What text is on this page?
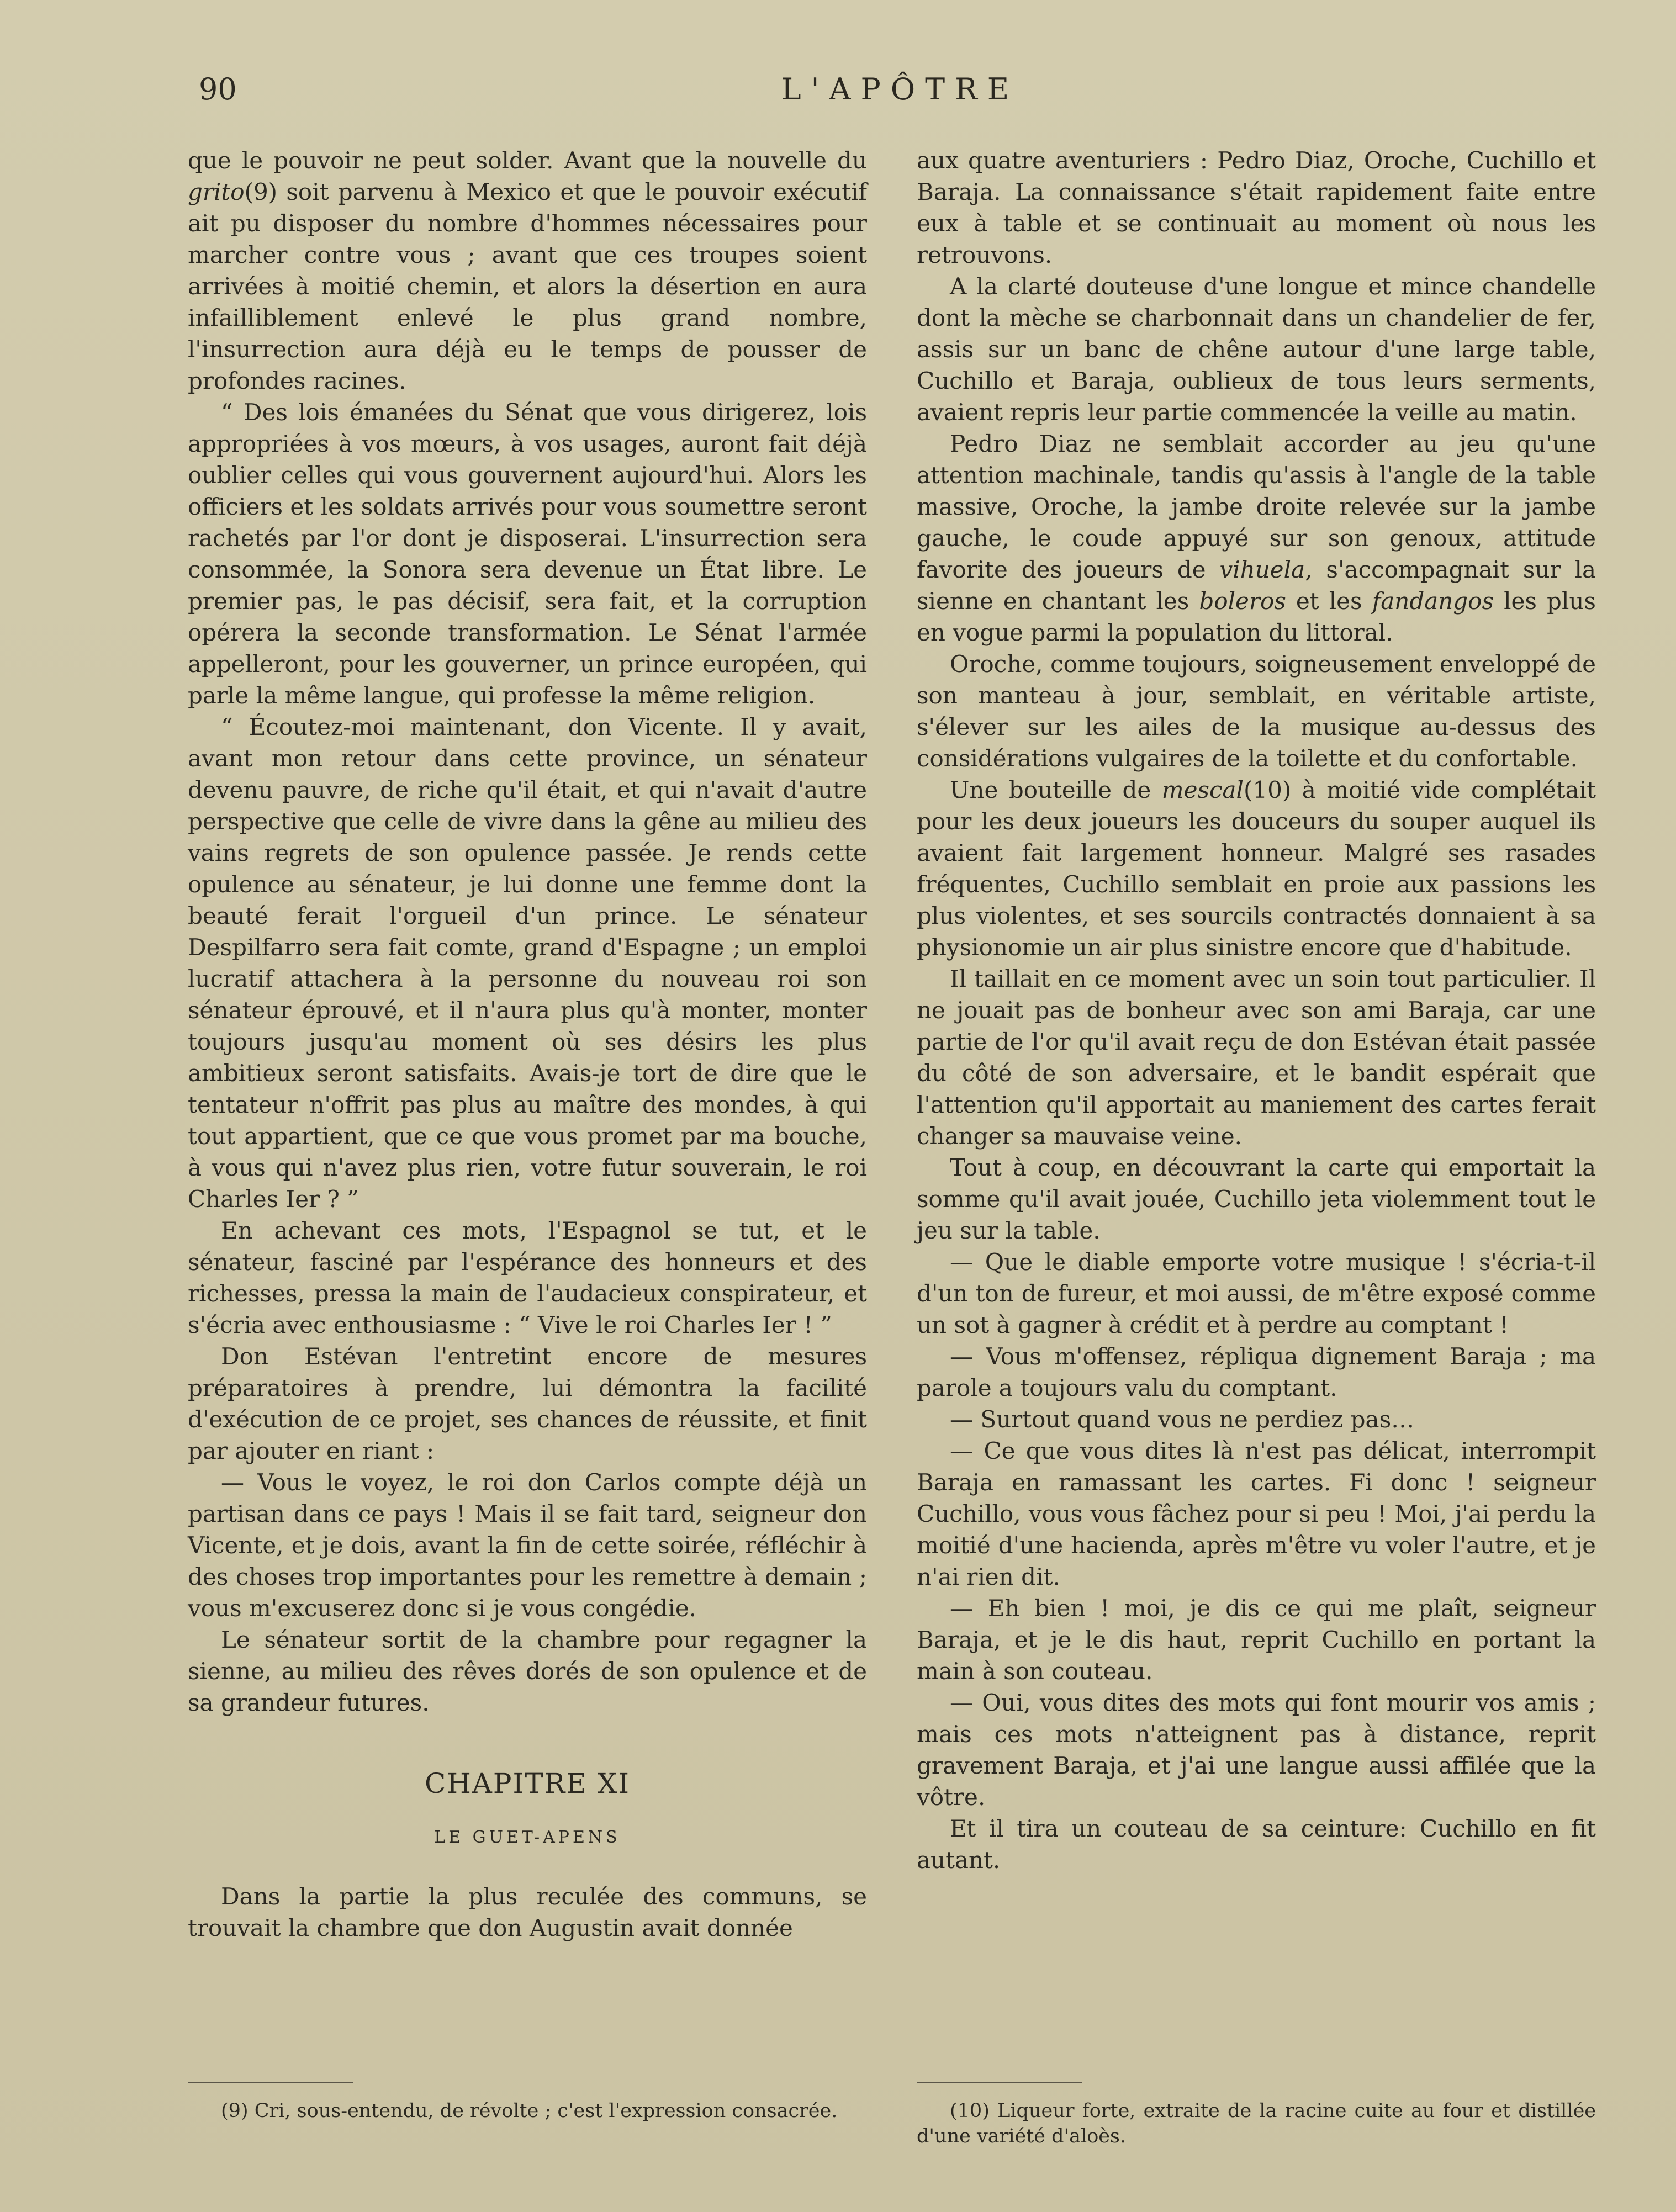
90	L'APÔTRE

que le pouvoir ne peut solder. Avant que la nouvelle du grito(9) soit parvenu à Mexico et que le pouvoir exécutif ait pu disposer du nombre d'hommes nécessaires pour marcher contre vous ; avant que ces troupes soient arrivées à moitié chemin, et alors la désertion en aura infailliblement enlevé le plus grand nombre, l'insurrection aura déjà eu le temps de pousser de profondes racines.

“ Des lois émanées du Sénat que vous dirigerez, lois appropriées à vos mœurs, à vos usages, auront fait déjà oublier celles qui vous gouvernent aujourd'hui. Alors les officiers et les soldats arrivés pour vous soumettre seront rachetés par l'or dont je disposerai. L'insurrection sera consommée, la Sonora sera devenue un État libre. Le premier pas, le pas décisif, sera fait, et la corruption opérera la seconde transformation. Le Sénat l'armée appelleront, pour les gouverner, un prince européen, qui parle la même langue, qui professe la même religion.

“ Écoutez-moi maintenant, don Vicente. Il y avait, avant mon retour dans cette province, un sénateur devenu pauvre, de riche qu'il était, et qui n'avait d'autre perspective que celle de vivre dans la gêne au milieu des vains regrets de son opulence passée. Je rends cette opulence au sénateur, je lui donne une femme dont la beauté ferait l'orgueil d'un prince. Le sénateur Despilfarro sera fait comte, grand d'Espagne ; un emploi lucratif attachera à la personne du nouveau roi son sénateur éprouvé, et il n'aura plus qu'à monter, monter toujours jusqu'au moment où ses désirs les plus ambitieux seront satisfaits. Avais-je tort de dire que le tentateur n'offrit pas plus au maître des mondes, à qui tout appartient, que ce que vous promet par ma bouche, à vous qui n'avez plus rien, votre futur souverain, le roi Charles Ier ? ”

En achevant ces mots, l'Espagnol se tut, et le sénateur, fasciné par l'espérance des honneurs et des richesses, pressa la main de l'audacieux conspirateur, et s'écria avec enthousiasme : “ Vive le roi Charles Ier ! ”

Don Estévan l'entretint encore de mesures préparatoires à prendre, lui démontra la facilité d'exécution de ce projet, ses chances de réussite, et finit par ajouter en riant :

— Vous le voyez, le roi don Carlos compte déjà un partisan dans ce pays ! Mais il se fait tard, seigneur don Vicente, et je dois, avant la fin de cette soirée, réfléchir à des choses trop importantes pour les remettre à demain ; vous m'excuserez donc si je vous congédie.

Le sénateur sortit de la chambre pour regagner la sienne, au milieu des rêves dorés de son opulence et de sa grandeur futures.

CHAPITRE XI
LE GUET-APENS

Dans la partie la plus reculée des communs, se trouvait la chambre que don Augustin avait donnée

aux quatre aventuriers : Pedro Diaz, Oroche, Cuchillo et Baraja. La connaissance s'était rapidement faite entre eux à table et se continuait au moment où nous les retrouvons.

A la clarté douteuse d'une longue et mince chandelle dont la mèche se charbonnait dans un chandelier de fer, assis sur un banc de chêne autour d'une large table, Cuchillo et Baraja, oublieux de tous leurs serments, avaient repris leur partie commencée la veille au matin.

Pedro Diaz ne semblait accorder au jeu qu'une attention machinale, tandis qu'assis à l'angle de la table massive, Oroche, la jambe droite relevée sur la jambe gauche, le coude appuyé sur son genoux, attitude favorite des joueurs de vihuela, s'accompagnait sur la sienne en chantant les boleros et les fandangos les plus en vogue parmi la population du littoral.

Oroche, comme toujours, soigneusement enveloppé de son manteau à jour, semblait, en véritable artiste, s'élever sur les ailes de la musique au-dessus des considérations vulgaires de la toilette et du confortable.

Une bouteille de mescal(10) à moitié vide complétait pour les deux joueurs les douceurs du souper auquel ils avaient fait largement honneur. Malgré ses rasades fréquentes, Cuchillo semblait en proie aux passions les plus violentes, et ses sourcils contractés donnaient à sa physionomie un air plus sinistre encore que d'habitude.

Il taillait en ce moment avec un soin tout particulier. Il ne jouait pas de bonheur avec son ami Baraja, car une partie de l'or qu'il avait reçu de don Estévan était passée du côté de son adversaire, et le bandit espérait que l'attention qu'il apportait au maniement des cartes ferait changer sa mauvaise veine.

Tout à coup, en découvrant la carte qui emportait la somme qu'il avait jouée, Cuchillo jeta violemment tout le jeu sur la table.

— Que le diable emporte votre musique ! s'écria-t-il d'un ton de fureur, et moi aussi, de m'être exposé comme un sot à gagner à crédit et à perdre au comptant !

— Vous m'offensez, répliqua dignement Baraja ; ma parole a toujours valu du comptant.

— Surtout quand vous ne perdiez pas…

— Ce que vous dites là n'est pas délicat, interrompit Baraja en ramassant les cartes. Fi donc ! seigneur Cuchillo, vous vous fâchez pour si peu ! Moi, j'ai perdu la moitié d'une hacienda, après m'être vu voler l'autre, et je n'ai rien dit.

— Eh bien ! moi, je dis ce qui me plaît, seigneur Baraja, et je le dis haut, reprit Cuchillo en portant la main à son couteau.

— Oui, vous dites des mots qui font mourir vos amis ; mais ces mots n'atteignent pas à distance, reprit gravement Baraja, et j'ai une langue aussi affilée que la vôtre.

Et il tira un couteau de sa ceinture: Cuchillo en fit autant.

(9) Cri, sous-entendu, de révolte ; c'est l'expression consacrée.	(10) Liqueur forte, extraite de la racine cuite au four et distillée d'une variété d'aloès.
